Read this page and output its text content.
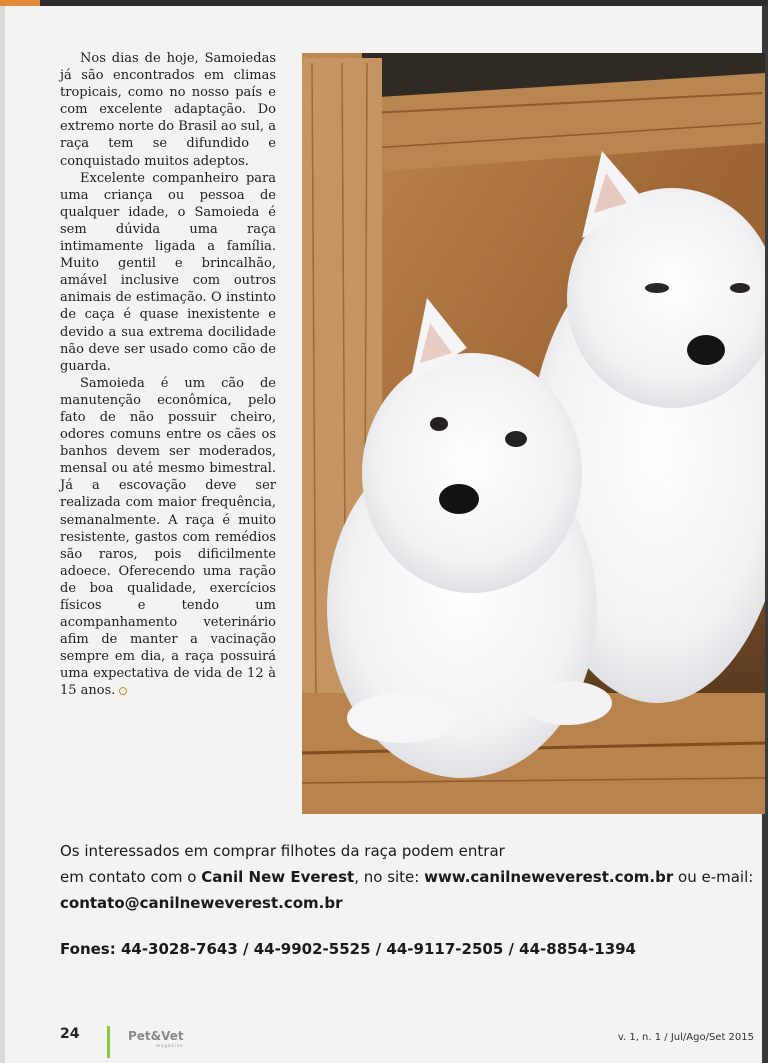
Nos dias de hoje, Samoiedas já são encontrados em climas tropicais, como no nosso país e com excelente adaptação. Do extremo norte do Brasil ao sul, a raça tem se difundido e conquistado muitos adeptos.

Excelente companheiro para uma criança ou pessoa de qualquer idade, o Samoieda é sem dúvida uma raça intimamente ligada a família. Muito gentil e brincalhão, amável inclusive com outros animais de estimação. O instinto de caça é quase inexistente e devido a sua extrema docilidade não deve ser usado como cão de guarda.

Samoieda é um cão de manutenção econômica, pelo fato de não possuir cheiro, odores comuns entre os cães os banhos devem ser moderados, mensal ou até mesmo bimestral. Já a escovação deve ser realizada com maior frequência, semanalmente. A raça é muito resistente, gastos com remédios são raros, pois dificilmente adoece. Oferecendo uma ração de boa qualidade, exercícios físicos e tendo um acompanhamento veterinário afim de manter a vacinação sempre em dia, a raça possuirá uma expectativa de vida de 12 à 15 anos.

Os interessados em comprar filhotes da raça podem entrar
em contato com o Canil New Everest, no site: www.canilneweverest.com.br ou e-mail:
contato@canilneweverest.com.br
Fones: 44-3028-7643 / 44-9902-5525 / 44-9117-2505 / 44-8854-1394
24	Pet&Vet
magazine
v. 1, n. 1 / Jul/Ago/Set 2015
